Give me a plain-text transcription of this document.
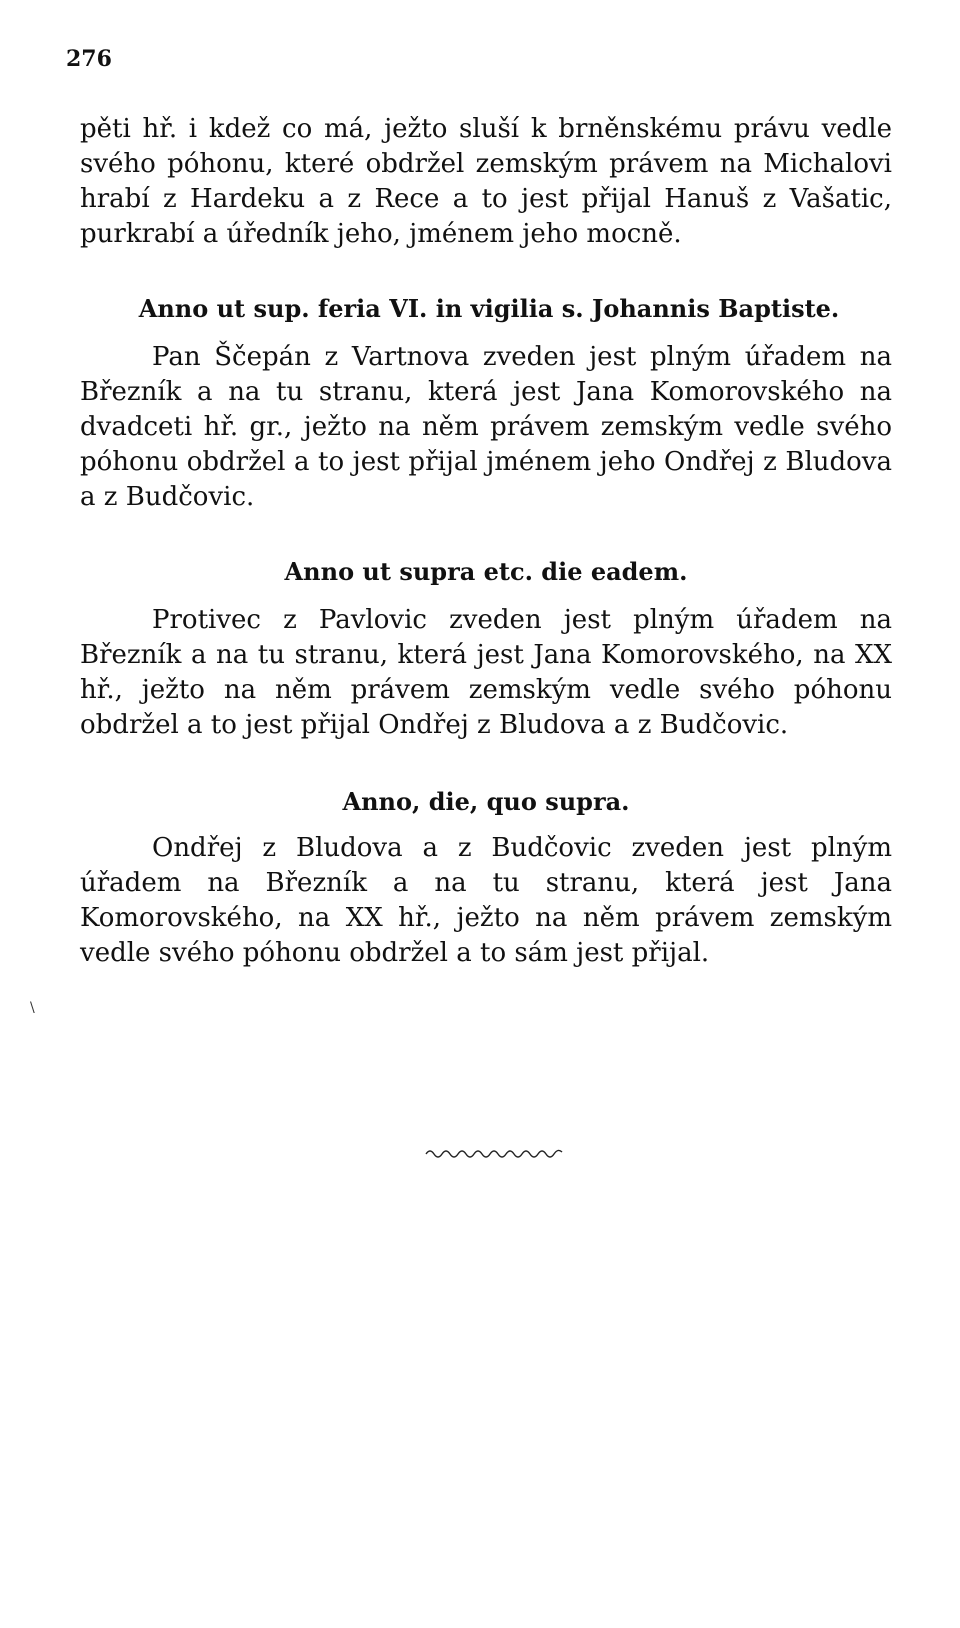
276
\

pěti hř. i kdež co má, ježto sluší k brněnskému právu vedle svého póhonu, které obdržel zemským právem na Michalovi hrabí z Hardeku a z Rece a to jest přijal Hanuš z Vašatic, purkrabí a úředník jeho, jménem jeho mocně.

Anno ut sup. feria VI. in vigilia s. Johannis Baptiste.

Pan Ščepán z Vartnova zveden jest plným úřadem na Březník a na tu stranu, která jest Jana Komorovského na dvadceti hř. gr., ježto na něm právem zemským vedle svého póhonu obdržel a to jest přijal jménem jeho Ondřej z Bludova a z Budčovic.

Anno ut supra etc. die eadem.

Protivec z Pavlovic zveden jest plným úřadem na Březník a na tu stranu, která jest Jana Komorovského, na XX hř., ježto na něm právem zemským vedle svého póhonu obdržel a to jest přijal Ondřej z Bludova a z Budčovic.

Anno, die, quo supra.

Ondřej z Bludova a z Budčovic zveden jest plným úřadem na Březník a na tu stranu, která jest Jana Komorovského, na XX hř., ježto na něm právem zemským vedle svého póhonu obdržel a to sám jest přijal.
